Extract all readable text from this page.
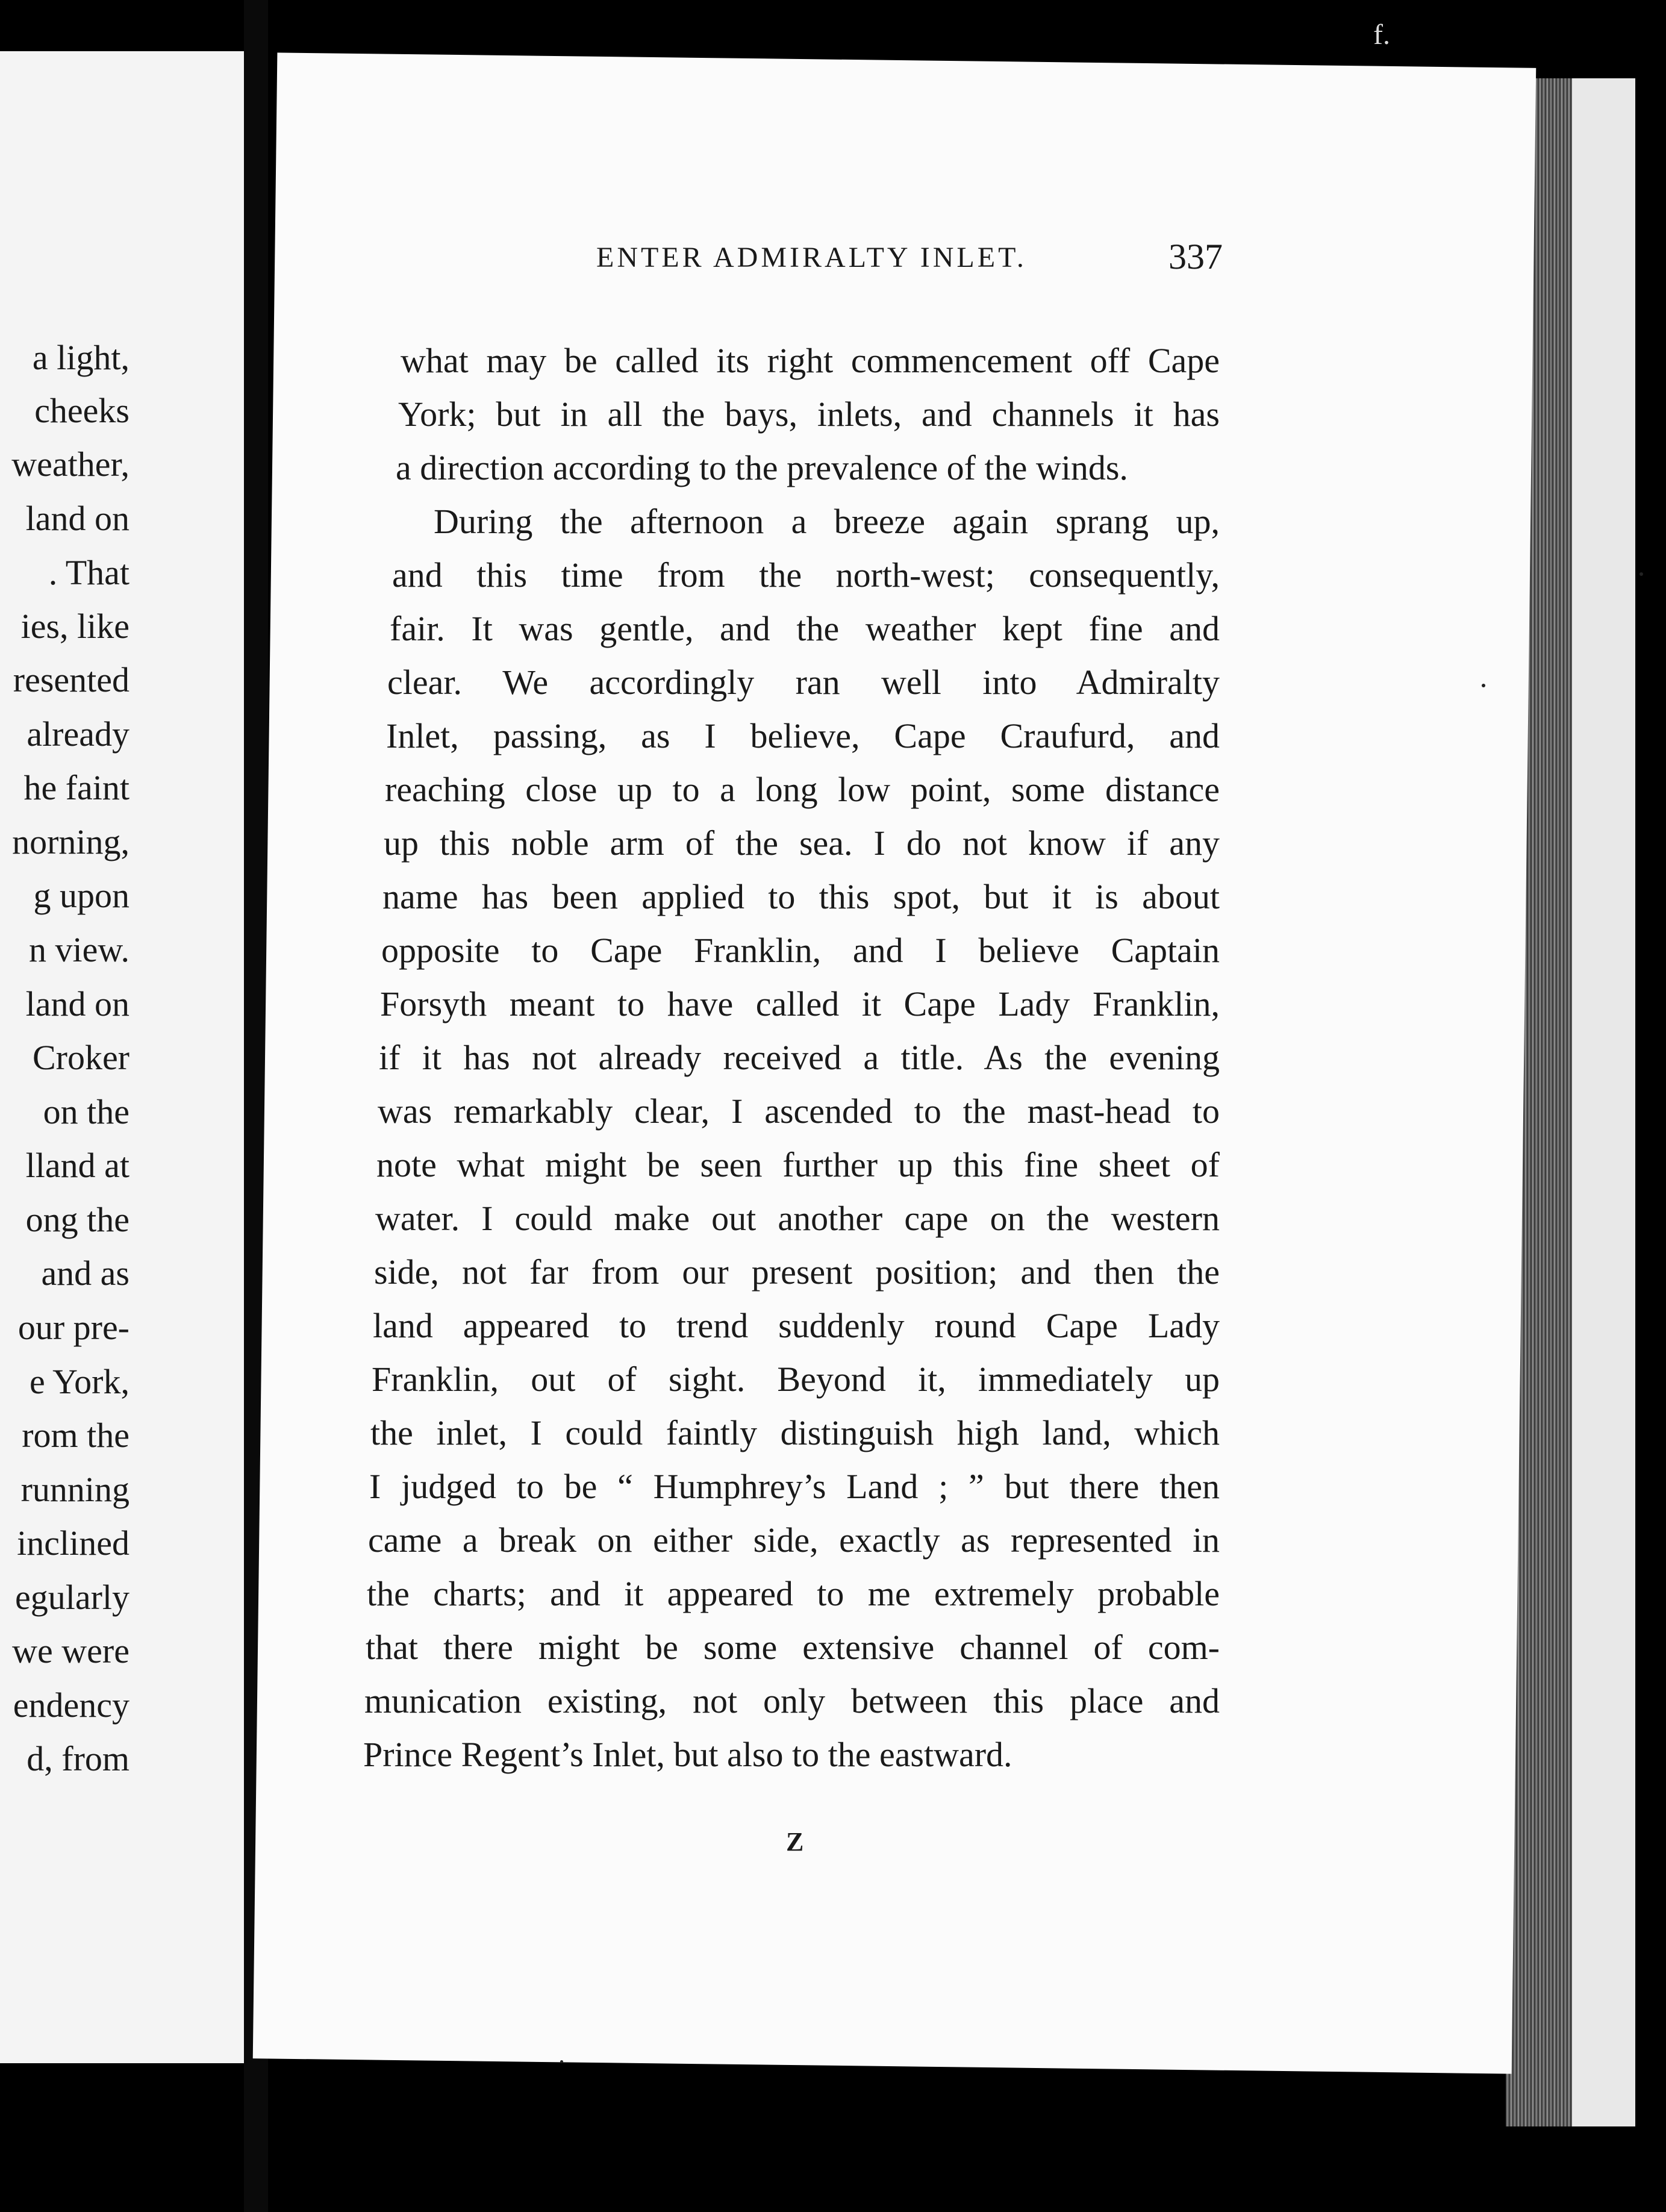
a light,
cheeks
weather,
land on
. That
ies, like
resented
already
he faint
norning,
g upon
n view.
land on
Croker
on the
lland at
ong the
and as
our pre-
e York,
rom the
running
inclined
egularly
we were
endency
d, from
f.
ENTER ADMIRALTY INLET.	337
what may be called its right commencement off Cape
York; but in all the bays, inlets, and channels it has
a direction according to the prevalence of the winds.
During the afternoon a breeze again sprang up,
and this time from the north-west; consequently,
fair. It was gentle, and the weather kept fine and
clear. We accordingly ran well into Admiralty
Inlet, passing, as I believe, Cape Craufurd, and
reaching close up to a long low point, some distance
up this noble arm of the sea. I do not know if any
name has been applied to this spot, but it is about
opposite to Cape Franklin, and I believe Captain
Forsyth meant to have called it Cape Lady Franklin,
if it has not already received a title. As the evening
was remarkably clear, I ascended to the mast-head to
note what might be seen further up this fine sheet of
water. I could make out another cape on the western
side, not far from our present position; and then the
land appeared to trend suddenly round Cape Lady
Franklin, out of sight. Beyond it, immediately up
the inlet, I could faintly distinguish high land, which
I judged to be “ Humphrey’s Land ; ” but there then
came a break on either side, exactly as represented in
the charts; and it appeared to me extremely probable
that there might be some extensive channel of com-
munication existing, not only between this place and
Prince Regent’s Inlet, but also to the eastward.
Z
